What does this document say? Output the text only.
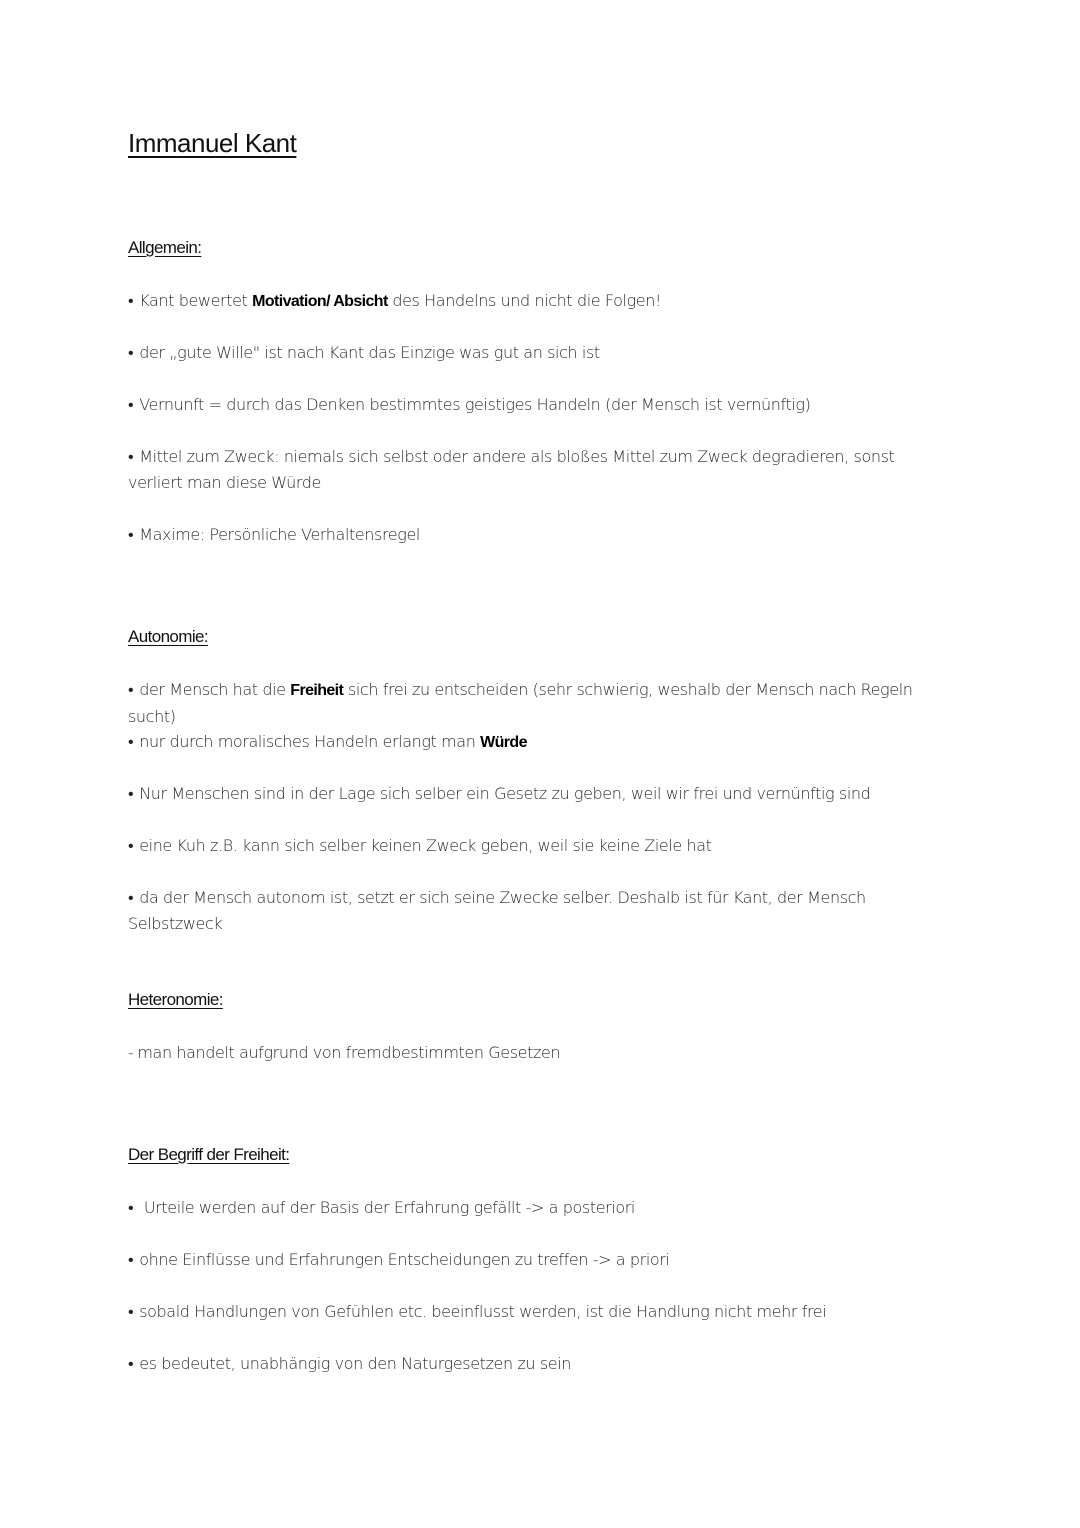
Immanuel Kant
Allgemein:
• Kant bewertet Motivation/ Absicht des Handelns und nicht die Folgen!
• der „gute Wille" ist nach Kant das Einzige was gut an sich ist
• Vernunft = durch das Denken bestimmtes geistiges Handeln (der Mensch ist vernünftig)
• Mittel zum Zweck: niemals sich selbst oder andere als bloßes Mittel zum Zweck degradieren, sonst verliert man diese Würde
• Maxime: Persönliche Verhaltensregel
Autonomie:
• der Mensch hat die Freiheit sich frei zu entscheiden (sehr schwierig, weshalb der Mensch nach Regeln sucht)
• nur durch moralisches Handeln erlangt man Würde
• Nur Menschen sind in der Lage sich selber ein Gesetz zu geben, weil wir frei und vernünftig sind
• eine Kuh z.B. kann sich selber keinen Zweck geben, weil sie keine Ziele hat
• da der Mensch autonom ist, setzt er sich seine Zwecke selber. Deshalb ist für Kant, der Mensch Selbstzweck
Heteronomie:
- man handelt aufgrund von fremdbestimmten Gesetzen
Der Begriff der Freiheit:
• Urteile werden auf der Basis der Erfahrung gefällt -> a posteriori
• ohne Einflüsse und Erfahrungen Entscheidungen zu treffen -> a priori
• sobald Handlungen von Gefühlen etc. beeinflusst werden, ist die Handlung nicht mehr frei
• es bedeutet, unabhängig von den Naturgesetzen zu sein
